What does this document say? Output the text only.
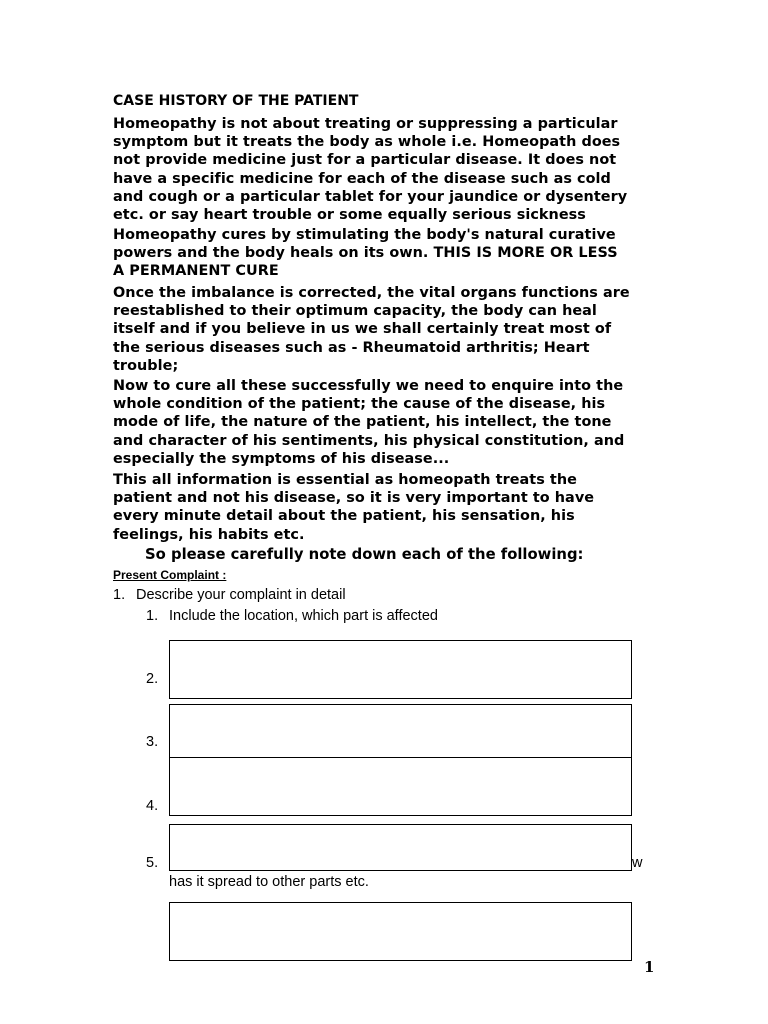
CASE HISTORY OF THE PATIENT

Homeopathy is not about treating or suppressing a particular
symptom but it treats the body as whole i.e. Homeopath does
not provide medicine just for a particular disease. It does not
have a specific medicine for each of the disease such as cold
and cough or a particular tablet for your jaundice or dysentery
etc. or say heart trouble or some equally serious sickness

Homeopathy cures by stimulating the body's natural curative
powers and the body heals on its own. THIS IS MORE OR LESS
A PERMANENT CURE

Once the imbalance is corrected, the vital organs functions are
reestablished to their optimum capacity, the body can heal
itself and if you believe in us we shall certainly treat most of
the serious diseases such as - Rheumatoid arthritis; Heart
trouble;

Now to cure all these successfully we need to enquire into the
whole condition of the patient; the cause of the disease, his
mode of life, the nature of the patient, his intellect, the tone
and character of his sentiments, his physical constitution, and
especially the symptoms of his disease...

This all information is essential as homeopath treats the
patient and not his disease, so it is very important to have
every minute detail about the patient, his sensation, his
feelings, his habits etc.

So please carefully note down each of the following:

Present Complaint :

1. Describe your complaint in detail
1. Include the location, which part is affected
2.
3.
4.
5.	w
has it spread to other parts etc.
1
